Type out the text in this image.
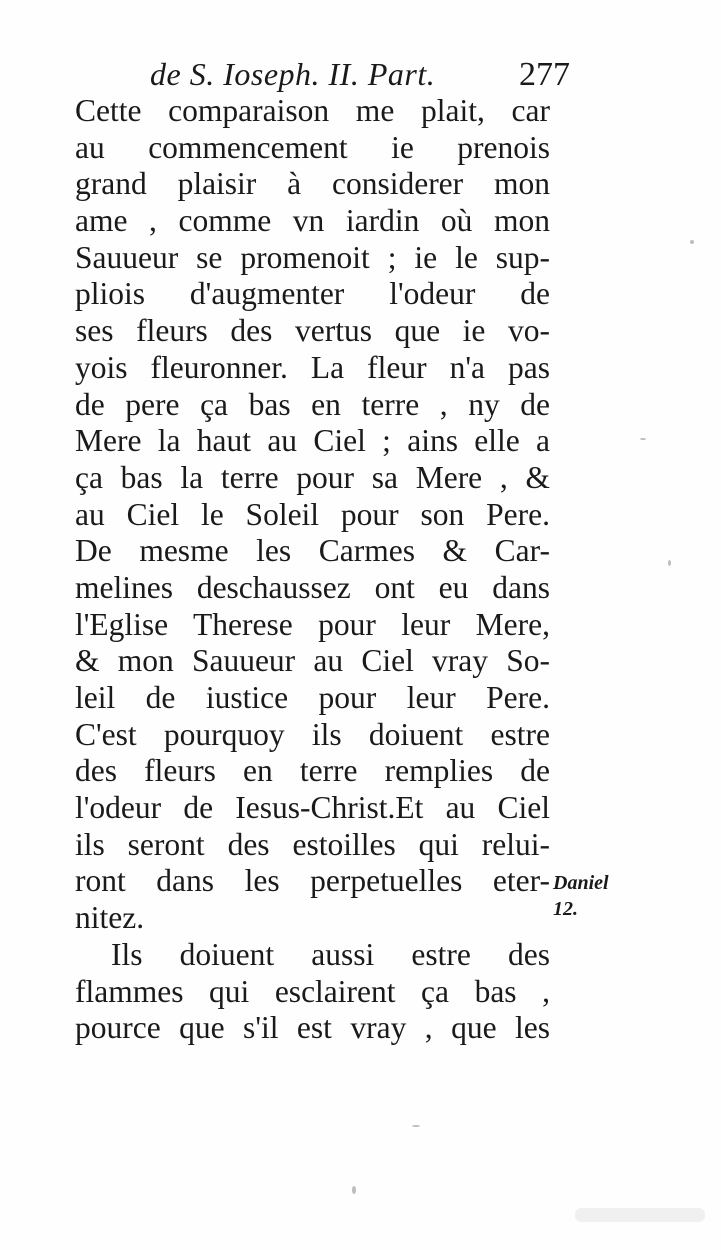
de S. Ioseph. II. Part. 277
Cette comparaison me plait, car
au commencement ie prenois
grand plaisir à considerer mon
ame , comme vn iardin où mon
Sauueur se promenoit ; ie le sup-
pliois d'augmenter l'odeur de
ses fleurs des vertus que ie vo-
yois fleuronner. La fleur n'a pas
de pere ça bas en terre , ny de
Mere la haut au Ciel ; ains elle a
ça bas la terre pour sa Mere , &
au Ciel le Soleil pour son Pere.
De mesme les Carmes & Car-
melines deschaussez ont eu dans
l'Eglise Therese pour leur Mere,
& mon Sauueur au Ciel vray So-
leil de iustice pour leur Pere.
C'est pourquoy ils doiuent estre
des fleurs en terre remplies de
l'odeur de Iesus-Christ.Et au Ciel
ils seront des estoilles qui relui-
ront dans les perpetuelles eter-
nitez.
Ils doiuent aussi estre des
flammes qui esclairent ça bas ,
pource que s'il est vray , que les
Daniel
12.
